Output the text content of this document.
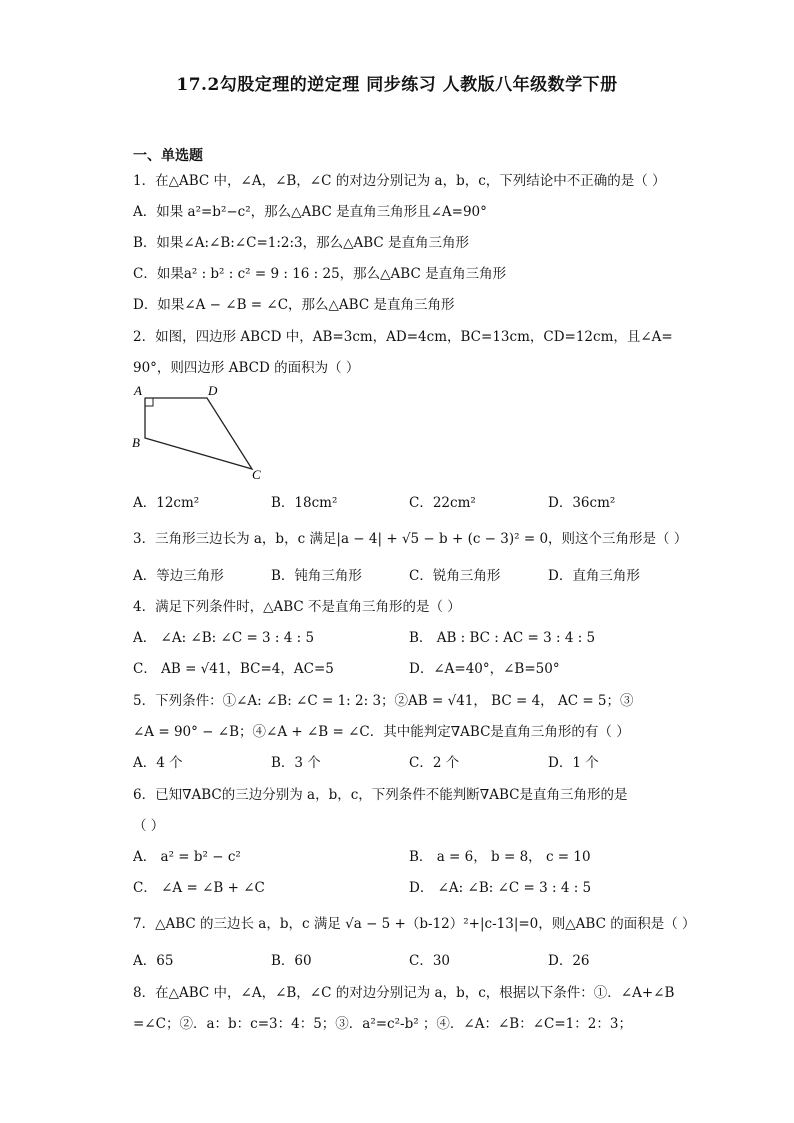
17.2勾股定理的逆定理 同步练习 人教版八年级数学下册
一、单选题
1．在△ABC 中，∠A，∠B，∠C 的对边分别记为 a，b，c，下列结论中不正确的是（ ）
A．如果 a²=b²−c²，那么△ABC 是直角三角形且∠A=90°
B．如果∠A:∠B:∠C=1:2:3，那么△ABC 是直角三角形
C．如果a² : b² : c² = 9 : 16 : 25，那么△ABC 是直角三角形
D．如果∠A − ∠B = ∠C，那么△ABC 是直角三角形
2．如图，四边形 ABCD 中，AB=3cm，AD=4cm，BC=13cm，CD=12cm，且∠A=
90°，则四边形 ABCD 的面积为（ ）
A	D
B
C
A．12cm²	B．18cm²	C．22cm²	D．36cm²
3．三角形三边长为 a，b，c 满足|a − 4| + √5 − b + (c − 3)² = 0，则这个三角形是（ ）
A．等边三角形	B．钝角三角形	C．锐角三角形	D．直角三角形
4．满足下列条件时，△ABC 不是直角三角形的是（ ）
A． ∠A: ∠B: ∠C = 3 : 4 : 5	B． AB : BC : AC = 3 : 4 : 5
C． AB = √41，BC=4，AC=5	D．∠A=40°，∠B=50°
5．下列条件：①∠A: ∠B: ∠C = 1: 2: 3；②AB = √41， BC = 4， AC = 5；③
∠A = 90° − ∠B；④∠A + ∠B = ∠C．其中能判定∇ABC是直角三角形的有（ ）
A．4 个	B．3 个	C．2 个	D．1 个
6．已知∇ABC的三边分别为 a，b，c，下列条件不能判断∇ABC是直角三角形的是
（ ）
A． a² = b² − c²	B． a = 6， b = 8， c = 10
C． ∠A = ∠B + ∠C	D． ∠A: ∠B: ∠C = 3 : 4 : 5
7．△ABC 的三边长 a，b，c 满足 √a − 5 +（b-12）²+|c-13|=0，则△ABC 的面积是（ ）
A．65	B．60	C．30	D．26
8．在△ABC 中，∠A，∠B，∠C 的对边分别记为 a，b，c，根据以下条件：①．∠A+∠B
=∠C；②．a：b：c=3：4：5；③．a²=c²-b² ；④．∠A：∠B：∠C=1：2：3；
